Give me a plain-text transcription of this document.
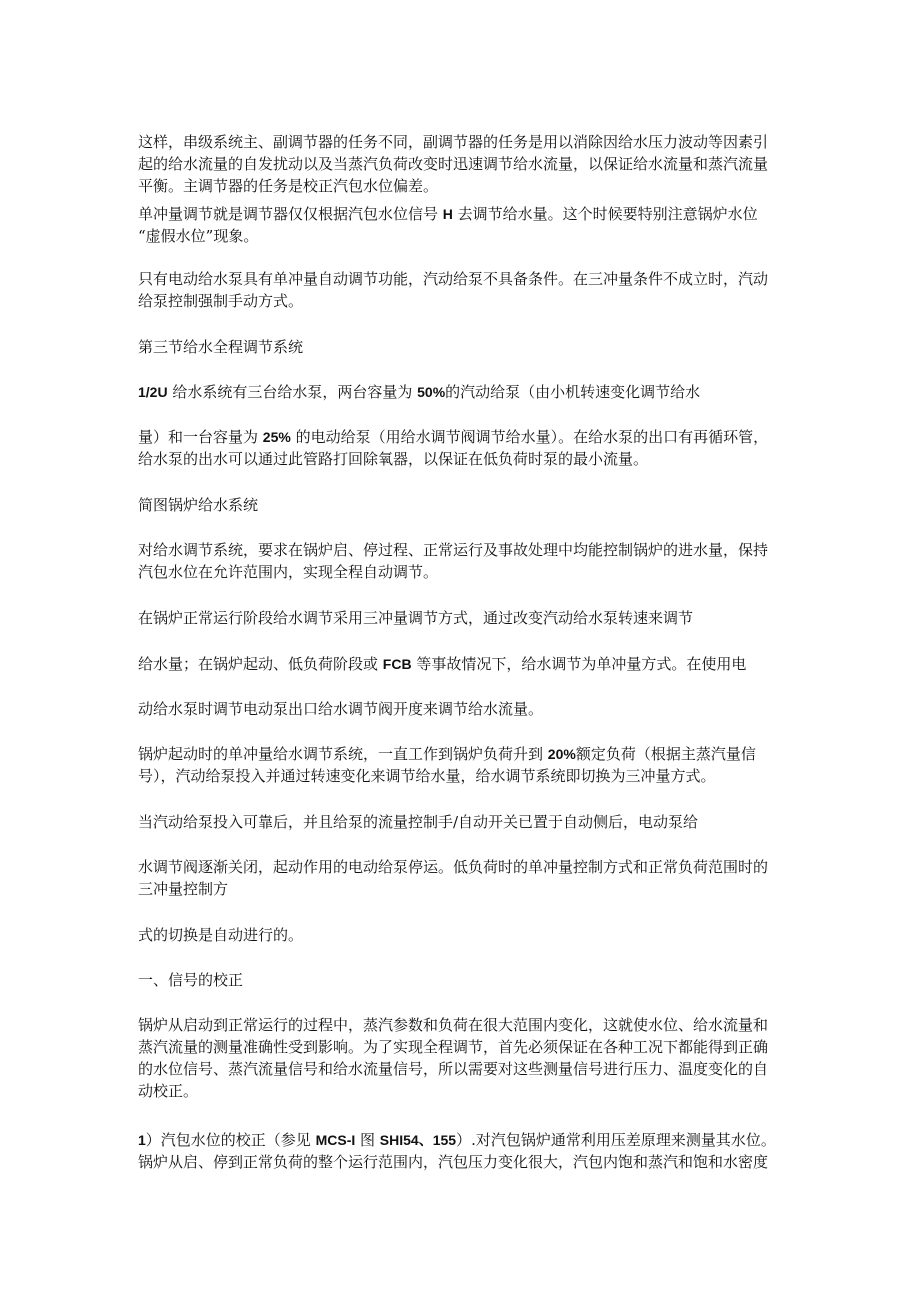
这样，串级系统主、副调节器的任务不同，副调节器的任务是用以消除因给水压力波动等因素引
起的给水流量的自发扰动以及当蒸汽负荷改变时迅速调节给水流量，以保证给水流量和蒸汽流量
平衡。主调节器的任务是校正汽包水位偏差。

单冲量调节就是调节器仅仅根据汽包水位信号 H 去调节给水量。这个时候要特别注意锅炉水位
“虚假水位”现象。

只有电动给水泵具有单冲量自动调节功能，汽动给泵不具备条件。在三冲量条件不成立时，汽动
给泵控制强制手动方式。

第三节给水全程调节系统

1/2U 给水系统有三台给水泵，两台容量为 50%的汽动给泵（由小机转速变化调节给水

量）和一台容量为 25% 的电动给泵（用给水调节阀调节给水量）。在给水泵的出口有再循环管，
给水泵的出水可以通过此管路打回除氧器，以保证在低负荷时泵的最小流量。

简图锅炉给水系统

对给水调节系统，要求在锅炉启、停过程、正常运行及事故处理中均能控制锅炉的进水量，保持
汽包水位在允许范围内，实现全程自动调节。

在锅炉正常运行阶段给水调节采用三冲量调节方式，通过改变汽动给水泵转速来调节

给水量；在锅炉起动、低负荷阶段或 FCB 等事故情况下，给水调节为单冲量方式。在使用电

动给水泵时调节电动泵出口给水调节阀开度来调节给水流量。

锅炉起动时的单冲量给水调节系统，一直工作到锅炉负荷升到 20%额定负荷（根据主蒸汽量信
号），汽动给泵投入并通过转速变化来调节给水量，给水调节系统即切换为三冲量方式。

当汽动给泵投入可靠后，并且给泵的流量控制手/自动开关已置于自动侧后，电动泵给

水调节阀逐渐关闭，起动作用的电动给泵停运。低负荷时的单冲量控制方式和正常负荷范围时的
三冲量控制方

式的切换是自动进行的。

一、信号的校正

锅炉从启动到正常运行的过程中，蒸汽参数和负荷在很大范围内变化，这就使水位、给水流量和
蒸汽流量的测量准确性受到影响。为了实现全程调节，首先必须保证在各种工况下都能得到正确
的水位信号、蒸汽流量信号和给水流量信号，所以需要对这些测量信号进行压力、温度变化的自
动校正。

1）汽包水位的校正（参见 MCS-I 图 SHI54、155）.对汽包锅炉通常利用压差原理来测量其水位。
锅炉从启、停到正常负荷的整个运行范围内，汽包压力变化很大，汽包内饱和蒸汽和饱和水密度
